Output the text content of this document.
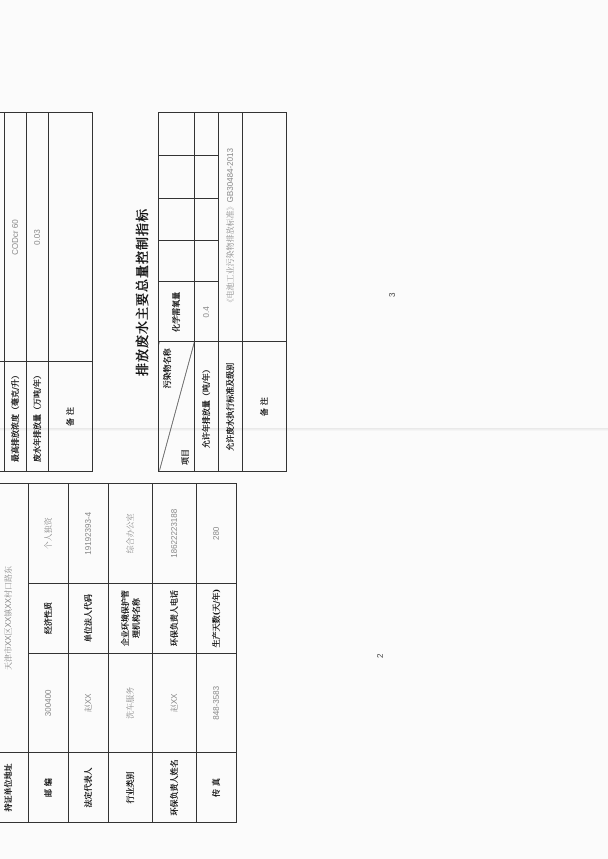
持证单位地址	天津市XX区XX镇XX村口路东		
邮 编	300400	经济性质	个人独资
法定代表人	赵XX	单位法人代码	19192393-4
行业类别	洗车服务	企业环境保护管理机构名称	综合办公室
环保负责人姓名	赵XX	环保负责人电话	18622223188
传 真	848-3583	生产天数(天/年)	280
2

最高排放浓度（毫克/升）	CODcr 60		
废水年排放量（万吨/年）	0.03		
备 注			
排放废水主要总量控制指标 污染物名称
项目	化学需氧量				
允许年排放量（吨/年）	0.4				
允许废水执行标准及级别	《电池工业污染物排放标准》GB30484-2013				
备 注					
3
